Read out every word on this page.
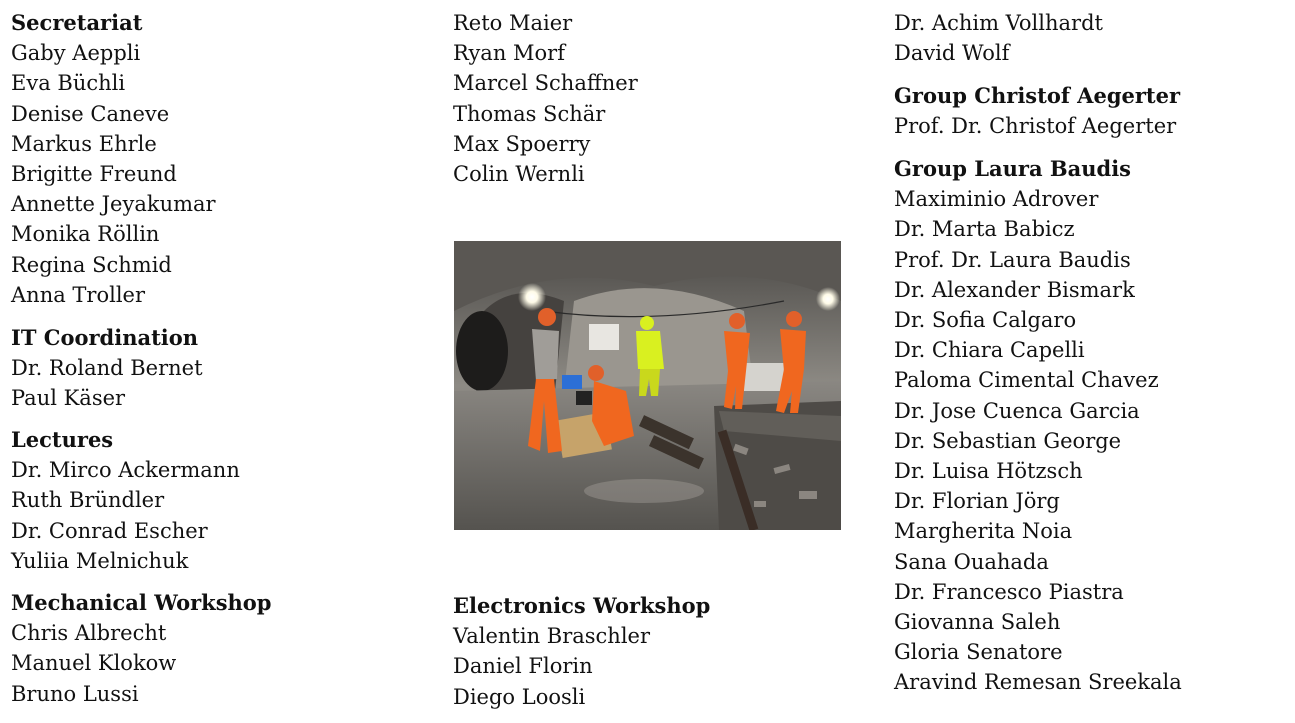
Secretariat
Gaby Aeppli
Eva Büchli
Denise Caneve
Markus Ehrle
Brigitte Freund
Annette Jeyakumar
Monika Röllin
Regina Schmid
Anna Troller
IT Coordination
Dr. Roland Bernet
Paul Käser
Lectures
Dr. Mirco Ackermann
Ruth Bründler
Dr. Conrad Escher
Yuliia Melnichuk
Mechanical Workshop
Chris Albrecht
Manuel Klokow
Bruno Lussi
Reto Maier
Ryan Morf
Marcel Schaffner
Thomas Schär
Max Spoerry
Colin Wernli
Electronics Workshop
Valentin Braschler
Daniel Florin
Diego Loosli
Dr. Achim Vollhardt
David Wolf
Group Christof Aegerter
Prof. Dr. Christof Aegerter
Group Laura Baudis
Maximinio Adrover
Dr. Marta Babicz
Prof. Dr. Laura Baudis
Dr. Alexander Bismark
Dr. Sofia Calgaro
Dr. Chiara Capelli
Paloma Cimental Chavez
Dr. Jose Cuenca Garcia
Dr. Sebastian George
Dr. Luisa Hötzsch
Dr. Florian Jörg
Margherita Noia
Sana Ouahada
Dr. Francesco Piastra
Giovanna Saleh
Gloria Senatore
Aravind Remesan Sreekala
